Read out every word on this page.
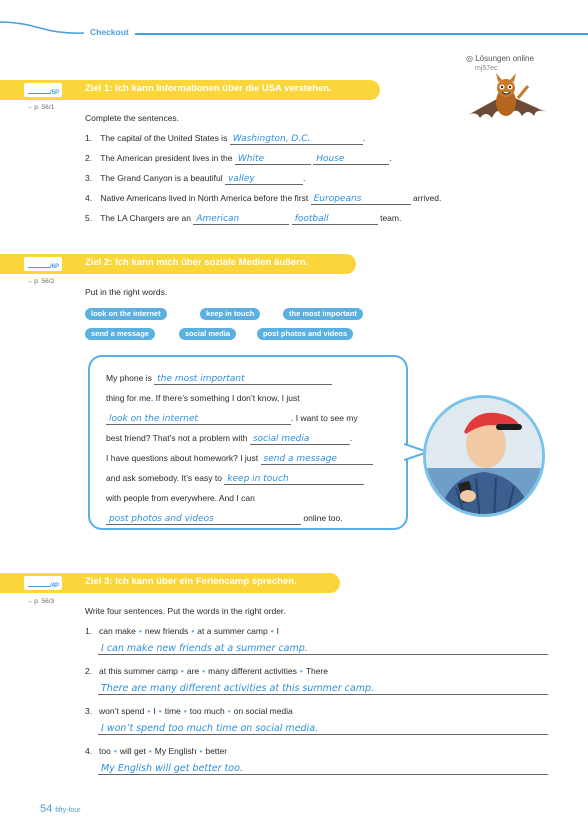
Checkout
◎ Lösungen online
mj57ec
/5P	Ziel 1: Ich kann Informationen über die USA verstehen.
→ p. 56/1
Complete the sentences.
1. The capital of the United States is Washington, D.C.	.
2. The American president lives in the White	House	.
3. The Grand Canyon is a beautiful valley	.
4. Native Americans lived in North America before the first Europeans	arrived.
5. The LA Chargers are an American	football	team.
/6P	Ziel 2: Ich kann mich über soziale Medien äußern.
→ p. 56/2
Put in the right words.
look on the internet	keep in touch	the most important
send a message	social media	post photos and videos
My phone is the most important
thing for me. If there’s something I don’t know, I just
look on the internet	. I want to see my
best friend? That’s not a problem with social media	.
I have questions about homework? I just send a message
and ask somebody. It’s easy to keep in touch
with people from everywhere. And I can
post photos and videos	online too.
/4P	Ziel 3: Ich kann über ein Feriencamp sprechen.
→ p. 56/3
Write four sentences. Put the words in the right order.
1. can make • new friends • at a summer camp • I
I can make new friends at a summer camp.
2. at this summer camp • are • many different activities • There
There are many different activities at this summer camp.
3. won’t spend • I • time • too much • on social media
I won’t spend too much time on social media.
4. too • will get • My English • better
My English will get better too.
54 fifty-four
